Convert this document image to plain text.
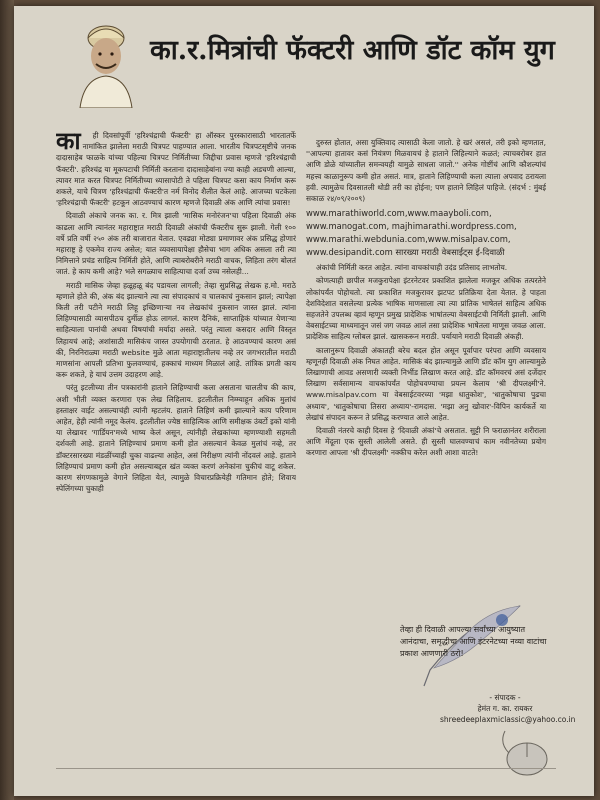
का.र.मित्रांची फॅक्टरी आणि डॉट कॉम युग
का	ही दिवसांपूर्वी 'हरिश्चंद्राची फॅक्टरी' हा ऑस्कर पुरस्कारासाठी भारतातर्फे नामांकित झालेला मराठी चित्रपट पाहण्यात आला. भारतीय चित्रपटसृष्टीचे जनक दादासाहेब फाळके यांच्या पहिल्या चित्रपट निर्मितीच्या जिद्दीचा प्रवास म्हणजे 'हरिश्चंद्राची फॅक्टरी'. हरिश्चंद्र या मूकपटाची निर्मिती करताना दादासाहेबांना ज्या काही अडचणी आल्या, त्यावर मात करत चित्रपट निर्मितीच्या ध्यासापोटी ते पहिला चित्रपट कसा काय निर्माण करू शकले, याचे चित्रण 'हरिश्चंद्राची फॅक्टरी'त नर्म विनोद शैलीत केलं आहे. आजच्या घटकेला 'हरिश्चंद्राची फॅक्टरी' हटकून आठवण्याचं कारण म्हणजे दिवाळी अंक आणि त्यांचा प्रवास!

दिवाळी अंकाचे जनक का. र. मित्र झाली 'मासिक मनोरंजन'चा पहिला दिवाळी अंक काढला आणि त्यानंतर महाराष्ट्रात मराठी दिवाळी अंकांची फॅक्टरीच सुरू झाली. गेली १०० वर्षे प्रति वर्षी २५० अंक तरी बाजारात येतात. एवढ्या मोठ्या प्रमाणावर अंक प्रसिद्ध होणारं महाराष्ट्र हे एकमेव राज्य असेल; यात व्यवसायापेक्षा हौसेचा भाग अधिक असला तरी त्या निमित्ताने प्रचंड साहित्य निर्मिती होते, आणि त्याबरोबरीने मराठी वाचक, लिहिता तरंग बोलतं जातं. हे काय कमी आहे? भले सगळ्याच साहित्याचा दर्जा उच्च नसेलही...

मराठी मासिक जेव्हा हळूहळू बंद पडायला लागली; तेव्हा सुप्रसिद्ध लेखक ह.मो. मराठे म्हणाले होते की, अंक बंद झाल्याने त्या त्या संपादकाचं व चालकाचं नुकसान झालं; त्यापेक्षा किती तरी पटीने मराठी लिहू इच्छिणाऱ्या नव लेखकांचं नुकसान जास्त झालं. त्यांना लिहिण्यासाठी व्यासपीठच दुर्मीळ होऊ लागलं. कारण दैनिकं, साप्ताहिकं यांच्यात येणाऱ्या साहित्याला पानांची अथवा विषयांची मर्यादा असते. परंतु त्याला कसदार आणि विस्तृत लिहायचं आहे; अशांसाठी मासिकंच जास्त उपयोगाची ठरतात. हे आठवण्याचं कारण असं की, निरनिराळ्या मराठी website मुळे आता महाराष्ट्रातीलच नव्हे तर जगभरातील मराठी माणसांना आपली प्रतिभा फुलवण्याचं, हक्काचं माध्यम मिळालं आहे. तांत्रिक प्रगती काय करू शकते, हे याचं उत्तम उदाहरण आहे.

परंतु इटलीच्या तीन पत्रकारांनी हाताने लिहिण्याची कला असताना चालतीच की काय, अशी भीती व्यक्त करणारा एक लेख लिहिलाय. इटलीतील निम्म्याहून अधिक मुलांचं हस्ताक्षर वाईट असल्याचंही त्यांनी म्हटलंय. हाताने लिहिणं कमी झाल्याने काय परिणाम आहेत, हेही त्यांनी नमूद केलंय. इटलीतील ज्येष्ठ साहित्यिक आणि समीक्षक उंबर्टो इको यांनी या लेखावर 'गार्डियन'मध्ये भाष्य केलं असून, त्यांनीही लेखकांच्या म्हणण्याशी सहमती दर्शवली आहे. हाताने लिहिण्याचं प्रमाण कमी होत असल्यानं केवळ मुलांचं नव्हे, तर डॉक्टरसारख्या मंडळींच्याही चुका वाढल्या आहेत, असं निरीक्षण त्यांनी नोंदवलं आहे. हाताने लिहिण्याचं प्रमाण कमी होत असल्याबद्दल खंत व्यक्त करणं अनेकांना चुकीचं वाटू शकेल. कारण संगणकामुळे वेगाने लिहिता येतं, त्यामुळे विचारप्रक्रियेही गतिमान होते; शिवाय स्पेलिंगच्या चुकाही

दुरुस्त होतात, असा युक्तिवाद त्यासाठी केला जातो. हे खरं असलं, तरी इको म्हणतात, ''आपल्या हातावर कसं नियंत्रण मिळवायचं हे हाताने लिहिल्याने कळतं; त्याचबरोबर हात आणि डोळे यांच्यातील समन्वयही यामुळे साधला जातो.'' अनेक गोष्टींचं आणि कौशल्यांचं महत्त्व काळानुरूप कमी होत असतं. मात्र, हाताने लिहिण्याची कला त्याला अपवाद ठरायला हवी. त्यामुळेच दिवसातली थोडी तरी का होईना; पण हाताने लिहिलं पाहिजे. (संदर्भ : मुंबई सकाळ २४/०९/२००९)

www.marathiworld.com,www.maayboli.com,
www.manogat.com, majhimarathi.wordpress.com,
www.marathi.webdunia.com,www.misalpav.com,
www.desipandit.com सारख्या मराठी वेबसाईट्स ई-दिवाळी

अंकांची निर्मिती करत आहेत. त्यांना वाचकांचाही उदंड प्रतिसाद लाभतोय.

कोणत्याही छापील मजकुरापेक्षा इंटरनेटवर प्रकाशित झालेला मजकूर अधिक तत्परतेने लोकांपर्यंत पोहोचतो. त्या प्रकाशित मजकुरावर झटपट प्रतिक्रिया देता येतात. हे पाहता देशविदेशात वसलेल्या प्रत्येक भाषिक माणसाला त्या त्या प्रांतिक भाषेतलं साहित्य अधिक सहजतेने उपलब्ध व्हावं म्हणून प्रमुख प्रादेशिक भाषांतल्या वेबसाईटची निर्मिती झाली. आणि वेबसाईटच्या माध्यमातून जसं जग जवळ आलं तसा प्रादेशिक भाषेतला माणूस जवळ आला. प्रादेशिक साहित्य ग्लोबल झालं. खासकरून मराठी. पर्यायाने मराठी दिवाळी अंकही.

कालानुरूप दिवाळी अंकातही बरेच बदल होत असून पूर्वापार परंपरा आणि व्यवसाय म्हणूनही दिवाळी अंक निघत आहेत. मासिकं बंद झाल्यामुळे आणि डॉट कॉम युग आल्यामुळे लिखाणाची आवड असणारी व्यक्ती निर्भीड लिखाण करत आहे. डॉट कॉमवरचं असं दर्जेदार लिखाण सर्वसामान्य वाचकांपर्यंत पोहोचवण्याचा प्रयत्न केलाय 'श्री दीपलक्ष्मी'ने. www.misalpav.com या वेबसाईटवरच्या 'मझा धातुकोश', 'धातुकोषाचा पुढचा अध्याय', 'धातुकोषाचा तिसरा अध्याय'-रामदास. 'मझा अनु खोवार'-विपिन कार्यकर्ते या लेखांचं संपादन करून ते प्रसिद्ध करण्यात आले आहेत.

दिवाळी नंतरचे काही दिवस हे 'दिवाळी अंकां'चे असतात. सुट्टी नि फराळानंतर शरीराला आणि मेंदूला एक सुस्ती आलेली असते. ही सुस्ती घालवण्याचं काम नवीनतेच्या प्रयोग करणारा आपला 'श्री दीपलक्ष्मी' नक्कीच करेल अशी आशा वाटते!

तेव्हा ही दिवाळी आपल्या सर्वांच्या आयुष्यात आनंदाचा, समृद्धीचा आणि इंटरनेटच्या नव्या वाटांचा प्रकाश आणणारी ठरो!

- संपादक -
हेमंत ग. का. रायकर
shreedeeplaxmiclassic@yahoo.co.in
